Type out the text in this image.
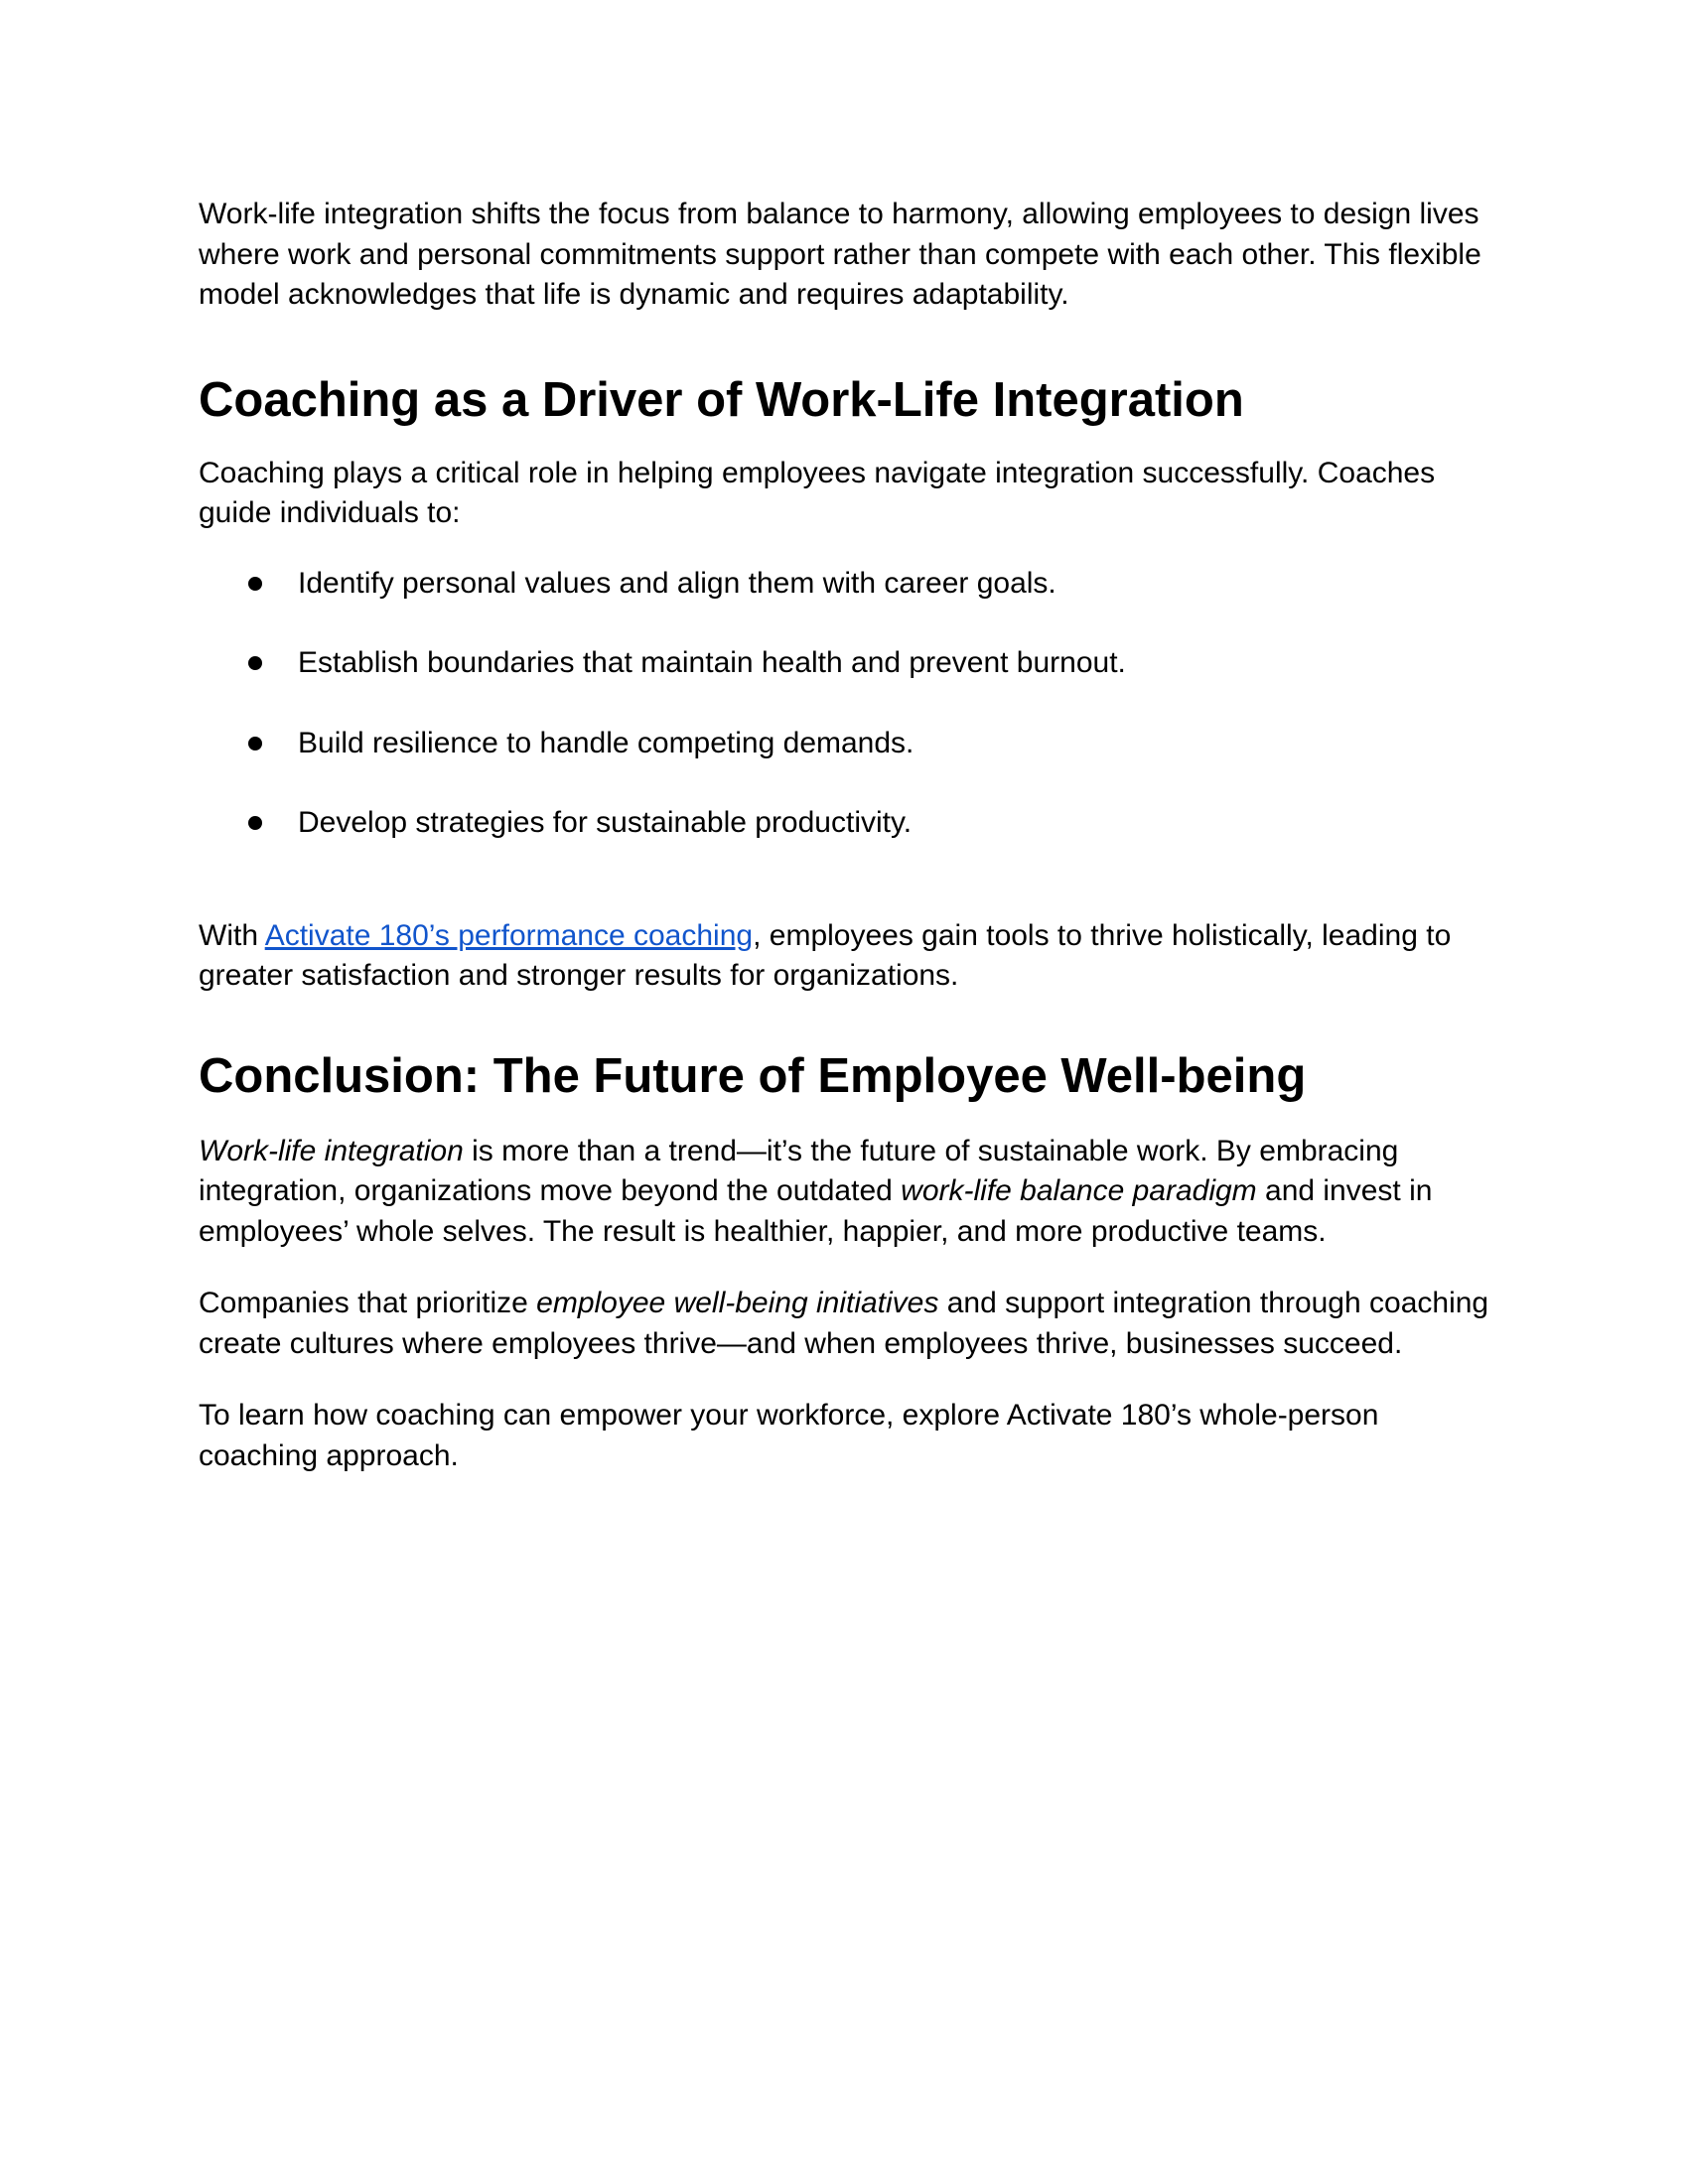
Work-life integration shifts the focus from balance to harmony, allowing employees to design lives where work and personal commitments support rather than compete with each other. This flexible model acknowledges that life is dynamic and requires adaptability.

Coaching as a Driver of Work-Life Integration

Coaching plays a critical role in helping employees navigate integration successfully. Coaches guide individuals to:

Identify personal values and align them with career goals.
Establish boundaries that maintain health and prevent burnout.
Build resilience to handle competing demands.
Develop strategies for sustainable productivity.

With Activate 180’s performance coaching, employees gain tools to thrive holistically, leading to greater satisfaction and stronger results for organizations.

Conclusion: The Future of Employee Well-being

Work-life integration is more than a trend—it’s the future of sustainable work. By embracing integration, organizations move beyond the outdated work-life balance paradigm and invest in employees’ whole selves. The result is healthier, happier, and more productive teams.

Companies that prioritize employee well-being initiatives and support integration through coaching create cultures where employees thrive—and when employees thrive, businesses succeed.

To learn how coaching can empower your workforce, explore Activate 180’s whole-person coaching approach.
